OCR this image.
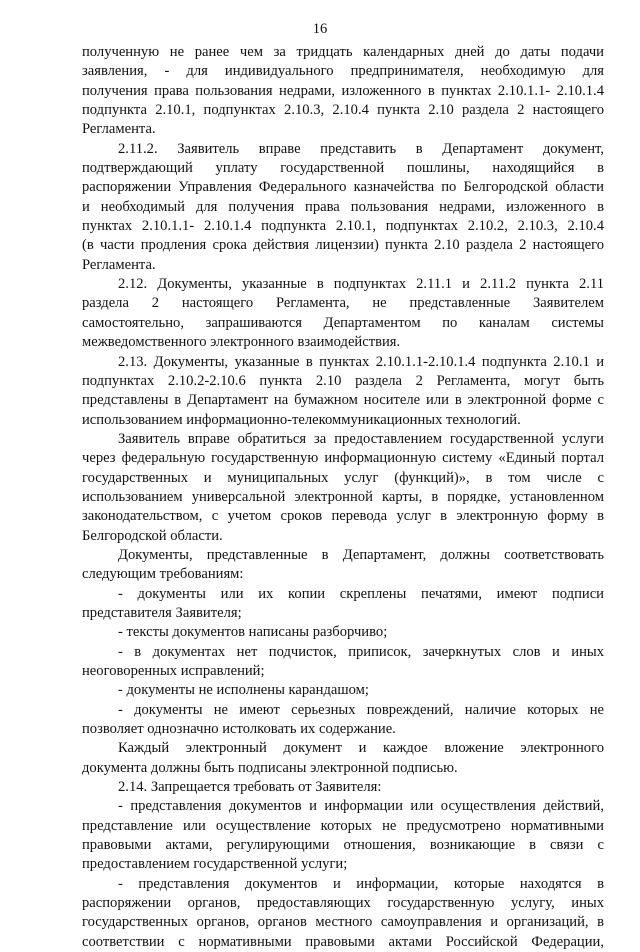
16
полученную не ранее чем за тридцать календарных дней до даты подачи
заявления, - для индивидуального предпринимателя, необходимую для
получения права пользования недрами, изложенного в пунктах 2.10.1.1- 2.10.1.4
подпункта 2.10.1, подпунктах 2.10.3, 2.10.4 пункта 2.10 раздела 2 настоящего
Регламента.
2.11.2. Заявитель вправе представить в Департамент документ,
подтверждающий уплату государственной пошлины, находящийся в
распоряжении Управления Федерального казначейства по Белгородской области
и необходимый для получения права пользования недрами, изложенного в
пунктах 2.10.1.1- 2.10.1.4 подпункта 2.10.1, подпунктах 2.10.2, 2.10.3, 2.10.4
(в части продления срока действия лицензии) пункта 2.10 раздела 2 настоящего
Регламента.
2.12. Документы, указанные в подпунктах 2.11.1 и 2.11.2 пункта 2.11
раздела 2 настоящего Регламента, не представленные Заявителем
самостоятельно, запрашиваются Департаментом по каналам системы
межведомственного электронного взаимодействия.
2.13. Документы, указанные в пунктах 2.10.1.1-2.10.1.4 подпункта 2.10.1 и
подпунктах 2.10.2-2.10.6 пункта 2.10 раздела 2 Регламента, могут быть
представлены в Департамент на бумажном носителе или в электронной форме с
использованием информационно-телекоммуникационных технологий.
Заявитель вправе обратиться за предоставлением государственной услуги
через федеральную государственную информационную систему «Единый портал
государственных и муниципальных услуг (функций)», в том числе с
использованием универсальной электронной карты, в порядке, установленном
законодательством, с учетом сроков перевода услуг в электронную форму в
Белгородской области.
Документы, представленные в Департамент, должны соответствовать
следующим требованиям:
- документы или их копии скреплены печатями, имеют подписи
представителя Заявителя;
- тексты документов написаны разборчиво;
- в документах нет подчисток, приписок, зачеркнутых слов и иных
неоговоренных исправлений;
- документы не исполнены карандашом;
- документы не имеют серьезных повреждений, наличие которых не
позволяет однозначно истолковать их содержание.
Каждый электронный документ и каждое вложение электронного
документа должны быть подписаны электронной подписью.
2.14. Запрещается требовать от Заявителя:
- представления документов и информации или осуществления действий,
представление или осуществление которых не предусмотрено нормативными
правовыми актами, регулирующими отношения, возникающие в связи с
предоставлением государственной услуги;
- представления документов и информации, которые находятся в
распоряжении органов, предоставляющих государственную услугу, иных
государственных органов, органов местного самоуправления и организаций, в
соответствии с нормативными правовыми актами Российской Федерации,
